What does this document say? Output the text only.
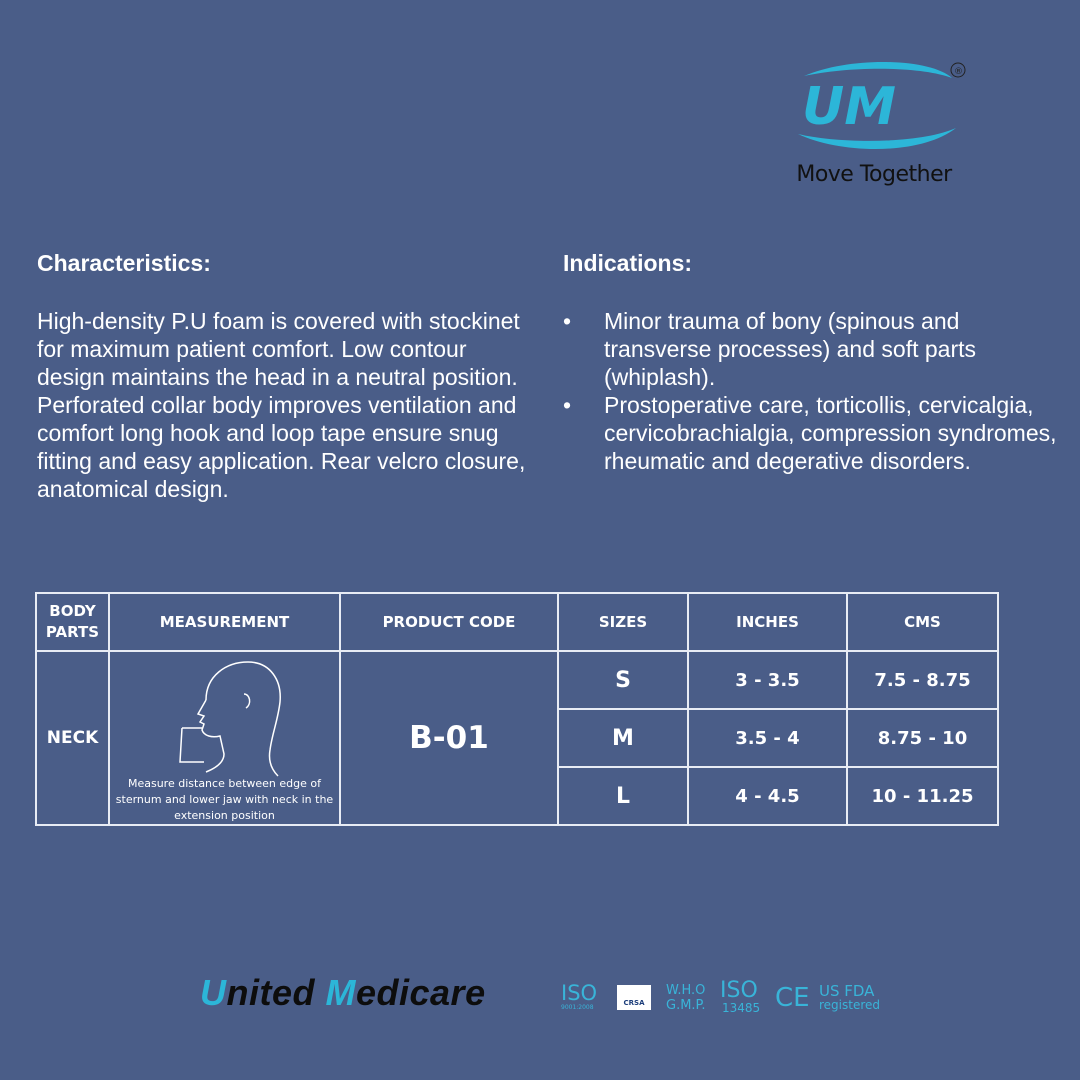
UM
®
Move Together
Characteristics:

High-density P.U foam is covered with stockinet for maximum patient comfort. Low contour design maintains the head in a neutral position. Perforated collar body improves ventilation and comfort long hook and loop tape ensure snug fitting and easy application. Rear velcro closure, anatomical design.

Indications:
• Minor trauma of bony (spinous and transverse processes) and soft parts (whiplash).
• Prostoperative care, torticollis, cervicalgia, cervicobrachialgia, compression syndromes, rheumatic and degerative disorders.
BODY
PARTS	MEASUREMENT	PRODUCT CODE	SIZES	INCHES	CMS
NECK	Measure distance between edge of sternum and lower jaw with neck in the extension position	B-01	S	3 - 3.5	7.5 - 8.75
			M	3.5 - 4	8.75 - 10
			L	4 - 4.5	10 - 11.25
United Medicare	ISO
9001:2008
CRSA
W.H.O
G.M.P.
ISO
13485 CE US FDA
registered
